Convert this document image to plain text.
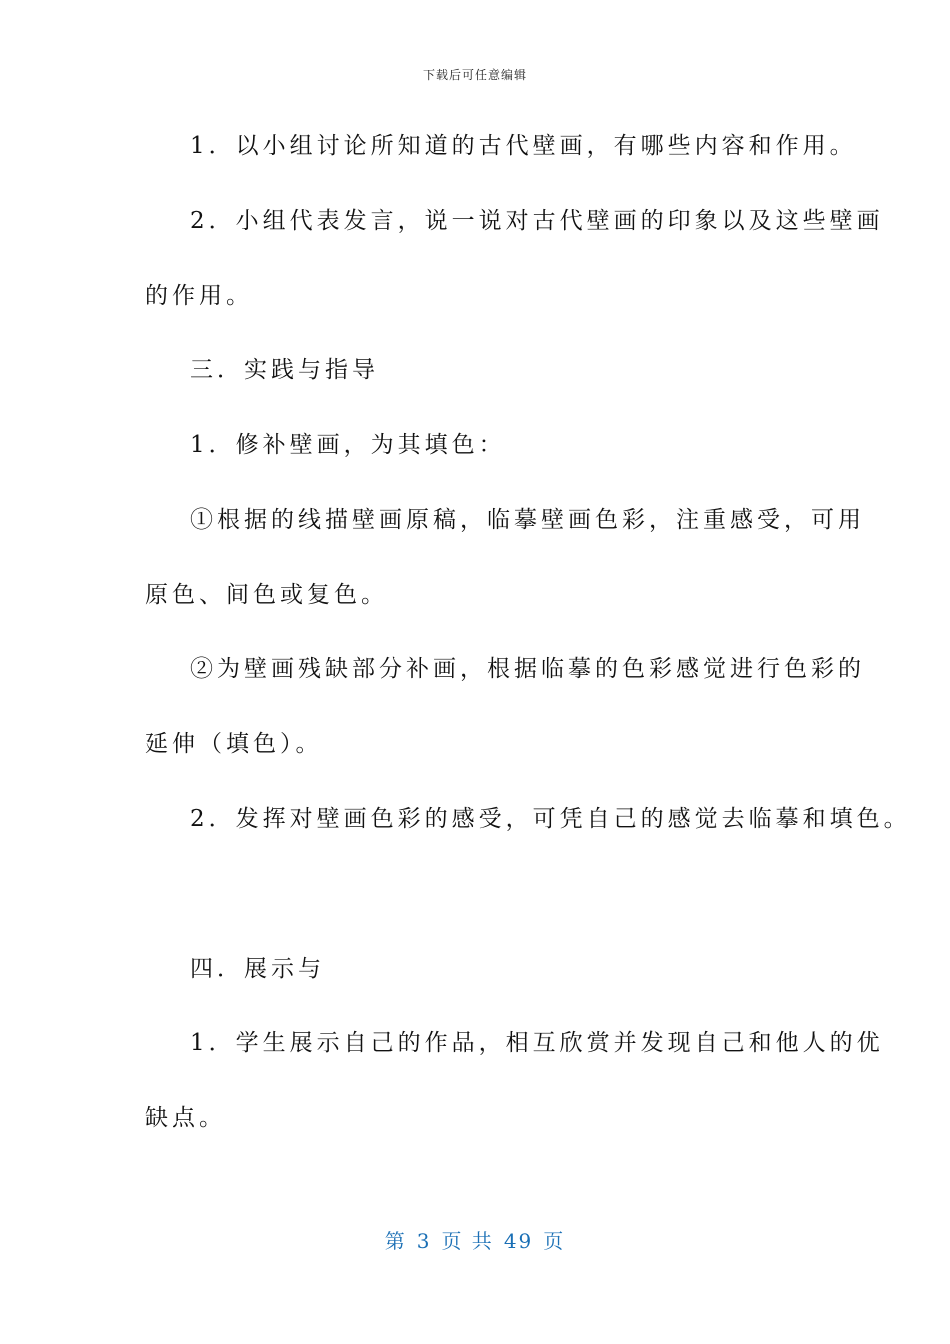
下载后可任意编辑
1．以小组讨论所知道的古代壁画，有哪些内容和作用。
2．小组代表发言，说一说对古代壁画的印象以及这些壁画
的作用。
三．实践与指导
1．修补壁画，为其填色：
①根据的线描壁画原稿，临摹壁画色彩，注重感受，可用
原色、间色或复色。
②为壁画残缺部分补画，根据临摹的色彩感觉进行色彩的
延伸（填色）。
2．发挥对壁画色彩的感受，可凭自己的感觉去临摹和填色。
四．展示与
1．学生展示自己的作品，相互欣赏并发现自己和他人的优
缺点。
第 3 页 共 49 页
